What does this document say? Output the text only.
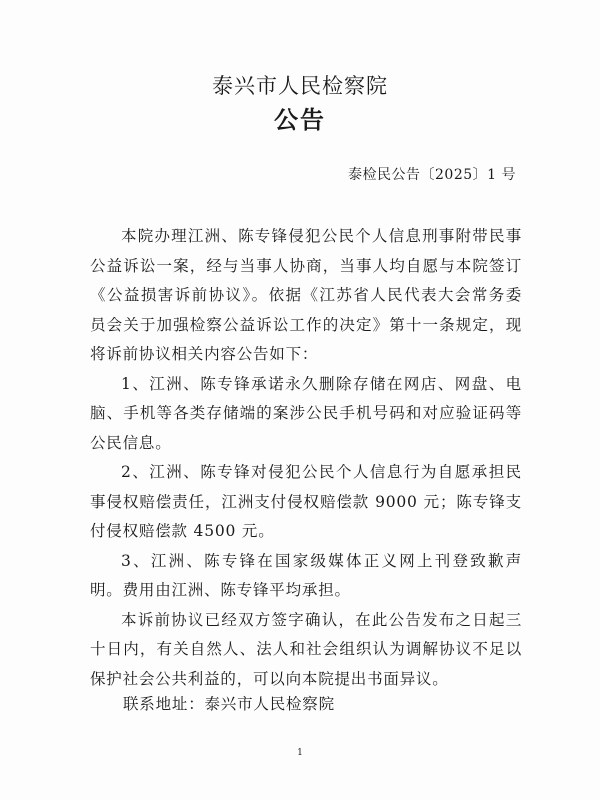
泰兴市人民检察院
公告
泰检民公告〔2025〕1 号

本院办理江洲、陈专锋侵犯公民个人信息刑事附带民事公益诉讼一案，经与当事人协商，当事人均自愿与本院签订《公益损害诉前协议》。依据《江苏省人民代表大会常务委员会关于加强检察公益诉讼工作的决定》第十一条规定，现将诉前协议相关内容公告如下：

1、江洲、陈专锋承诺永久删除存储在网店、网盘、电脑、手机等各类存储端的案涉公民手机号码和对应验证码等公民信息。

2、江洲、陈专锋对侵犯公民个人信息行为自愿承担民事侵权赔偿责任，江洲支付侵权赔偿款 9000 元；陈专锋支付侵权赔偿款 4500 元。

3、江洲、陈专锋在国家级媒体正义网上刊登致歉声明。费用由江洲、陈专锋平均承担。

本诉前协议已经双方签字确认，在此公告发布之日起三十日内，有关自然人、法人和社会组织认为调解协议不足以保护社会公共利益的，可以向本院提出书面异议。

联系地址：泰兴市人民检察院
1
